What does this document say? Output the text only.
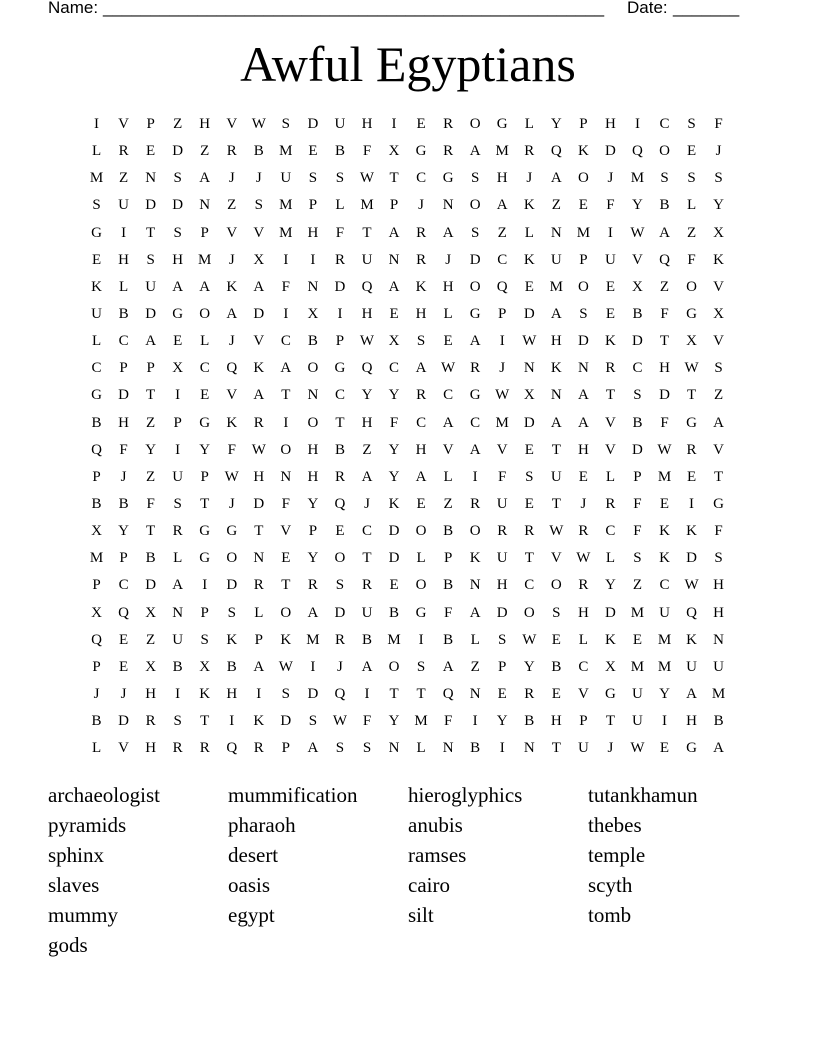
Name: _____________________________________________________ Date: _______
Awful Egyptians
I	V	P	Z	H	V W	S	D	U	H	I	E	R	O	G	L	Y	P	H	I	C	S	F
L	R	E	D	Z	R	B	M	E	B	F	X	G	R	A M	R	Q	K	D	Q	O	E	J
M	Z	N	S	A	J	J	U	S	S	W	T	C	G	S	H	J	A	O	J	M	S	S	S
S	U	D	D	N	Z	S	M	P	L	M	P	J	N	O	A	K	Z	E	F	Y	B	L	Y
G	I	T	S	P	V	V M H	F	T	A	R	A	S	Z	L	N M	I	W A	Z	X
E	H	S	H M	J	X	I	I	R	U	N	R	J	D	C	K	U	P	U	V	Q	F	K
K	L	U	A	A	K	A	F	N	D	Q	A	K	H	O	Q	E	M O	E	X	Z	O	V
U	B	D	G	O	A	D	I	X	I	H	E	H	L	G	P	D	A	S	E	B	F	G	X
L	C	A	E	L	J	V	C	B	P	W X	S	E	A	I	W H	D	K	D	T	X	V
C	P	P	X	C	Q	K	A	O	G	Q	C	A W R	J	N	K	N	R	C	H W	S
G	D	T	I	E	V	A	T	N	C	Y	Y	R	C	G W X	N	A	T	S	D	T	Z
B	H	Z	P	G	K	R	I	O	T	H	F	C	A	C	M D	A	A	V	B	F	G	A
Q	F	Y	I	Y	F	W O	H	B	Z	Y	H	V	A	V	E	T	H	V	D W R	V
P	J	Z	U	P	W H	N	H	R	A	Y	A	L	I	F	S	U	E	L	P	M	E	T
B	B	F	S	T	J	D	F	Y	Q	J	K	E	Z	R	U	E	T	J	R	F	E	I	G
X	Y	T	R	G	G	T	V	P	E	C	D	O	B	O	R	R W R	C	F	K	K	F
M	P	B	L	G	O	N	E	Y	O	T	D	L	P	K	U	T	V W	L	S	K	D	S
P	C	D	A	I	D	R	T	R	S	R	E	O	B	N	H	C	O	R	Y	Z	C W H
X	Q	X	N	P	S	L	O	A	D	U	B	G	F	A	D	O	S	H	D M U	Q	H
Q	E	Z	U	S	K	P	K M	R	B	M	I	B	L	S	W	E	L	K	E	M K	N
P	E	X	B	X	B	A W	I	J	A	O	S	A	Z	P	Y	B	C	X M M U	U
J	J	H	I	K	H	I	S	D	Q	I	T	T	Q	N	E	R	E	V	G	U	Y	A M
B	D	R	S	T	I	K	D	S	W	F	Y M	F	I	Y	B	H	P	T	U	I	H	B
L	V	H	R	R	Q	R	P	A	S	S	N	L	N	B	I	N	T	U	J	W	E	G	A
archaeologist	mummification	hieroglyphics	tutankhamun
pyramids	pharaoh	anubis	thebes
sphinx	desert	ramses	temple
slaves	oasis	cairo	scyth
mummy	egypt	silt	tomb
gods
